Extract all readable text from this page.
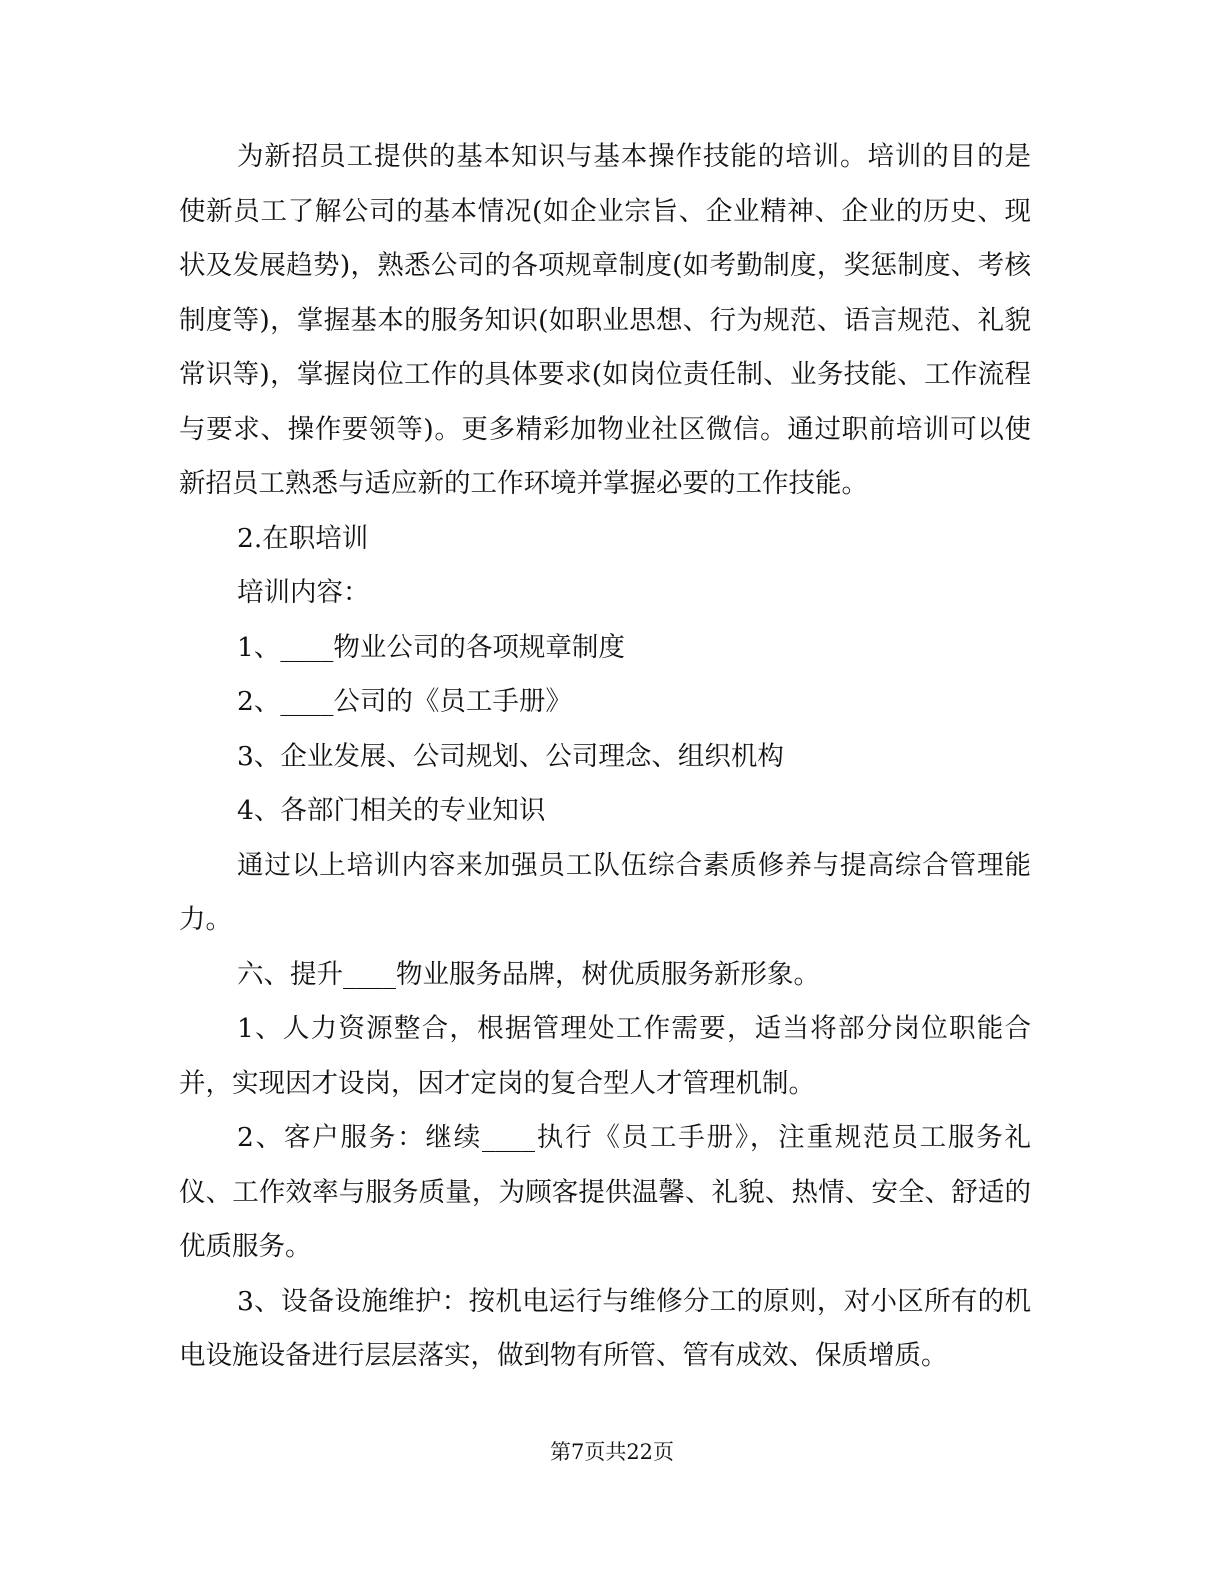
为新招员工提供的基本知识与基本操作技能的培训。培训的目的是使新员工了解公司的基本情况(如企业宗旨、企业精神、企业的历史、现状及发展趋势)，熟悉公司的各项规章制度(如考勤制度，奖惩制度、考核制度等)，掌握基本的服务知识(如职业思想、行为规范、语言规范、礼貌常识等)，掌握岗位工作的具体要求(如岗位责任制、业务技能、工作流程与要求、操作要领等)。更多精彩加物业社区微信。通过职前培训可以使新招员工熟悉与适应新的工作环境并掌握必要的工作技能。

2.在职培训

培训内容：

1、____物业公司的各项规章制度

2、____公司的《员工手册》

3、企业发展、公司规划、公司理念、组织机构

4、各部门相关的专业知识

通过以上培训内容来加强员工队伍综合素质修养与提高综合管理能力。

六、提升____物业服务品牌，树优质服务新形象。

1、人力资源整合，根据管理处工作需要，适当将部分岗位职能合并，实现因才设岗，因才定岗的复合型人才管理机制。

2、客户服务：继续____执行《员工手册》，注重规范员工服务礼仪、工作效率与服务质量，为顾客提供温馨、礼貌、热情、安全、舒适的优质服务。

3、设备设施维护：按机电运行与维修分工的原则，对小区所有的机电设施设备进行层层落实，做到物有所管、管有成效、保质增质。

第7页共22页
